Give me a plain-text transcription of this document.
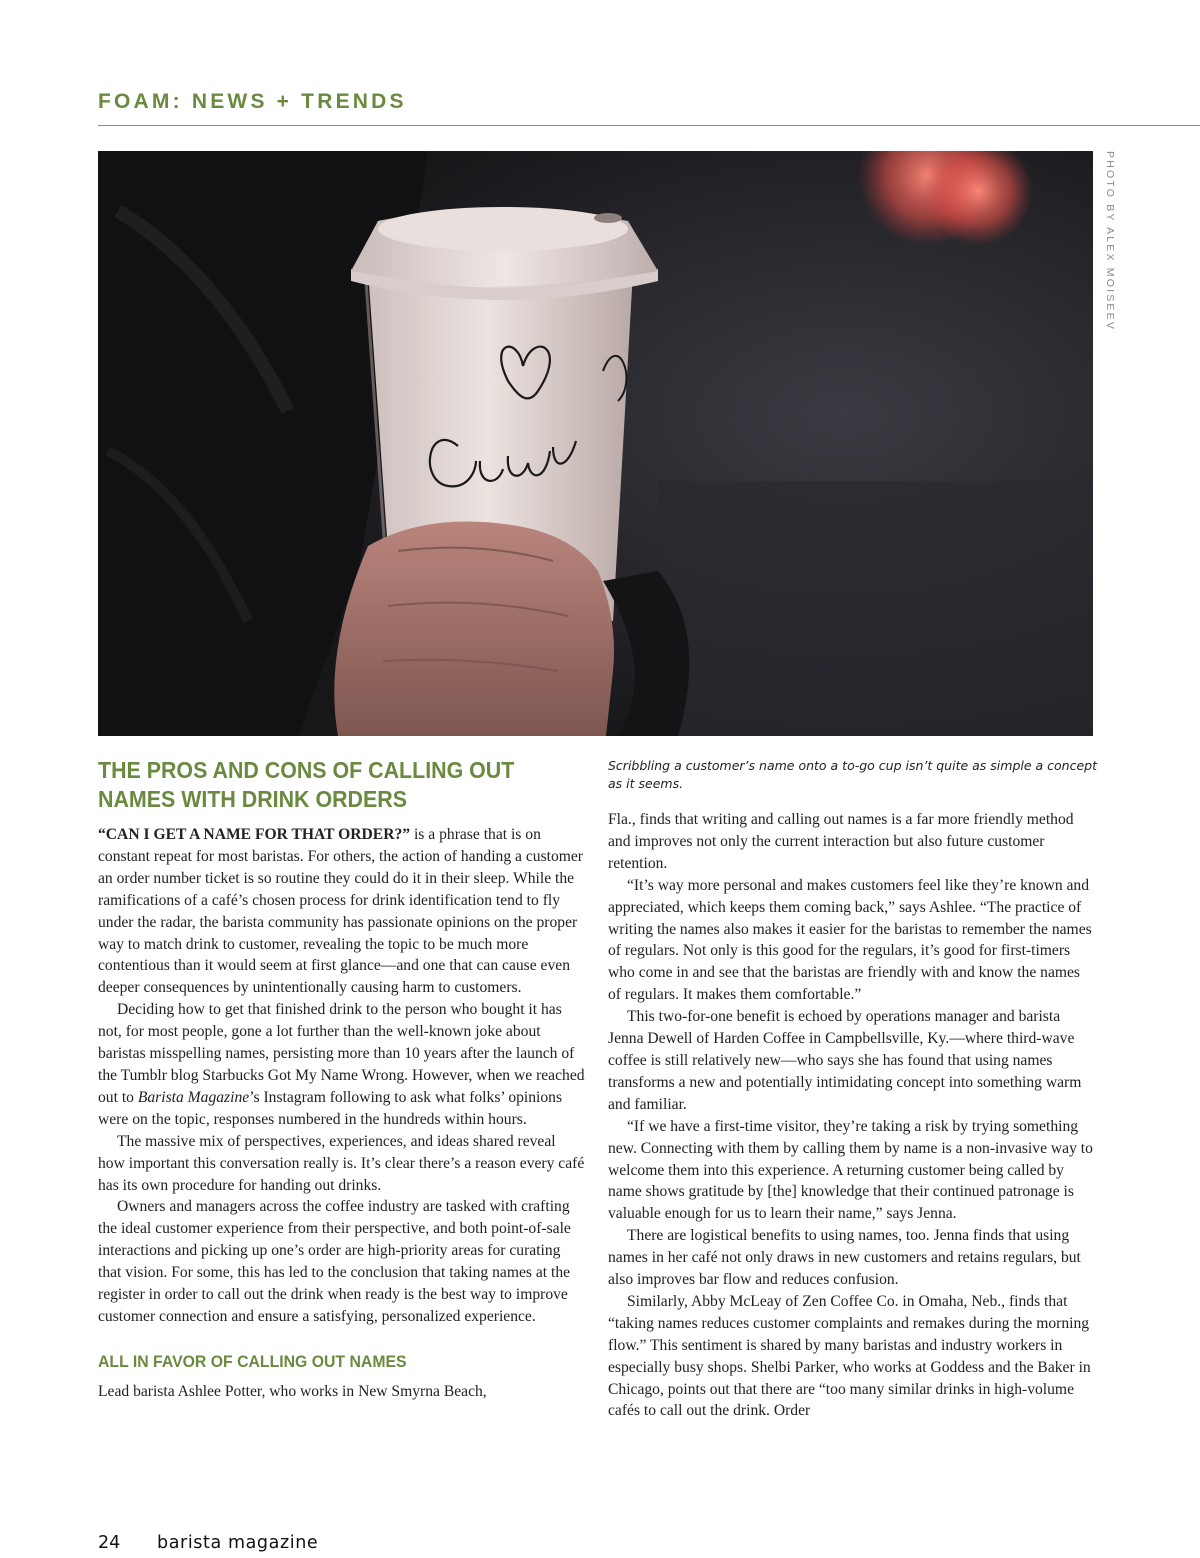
FOAM: NEWS + TRENDS
PHOTO BY ALEX MOISEEV
THE PROS AND CONS OF CALLING OUT NAMES WITH DRINK ORDERS
Scribbling a customer’s name onto a to-go cup isn’t quite as simple a concept as it seems.

“CAN I GET A NAME FOR THAT ORDER?” is a phrase that is on constant repeat for most baristas. For others, the action of handing a customer an order number ticket is so routine they could do it in their sleep. While the ramifications of a café’s chosen process for drink identification tend to fly under the radar, the barista community has passionate opinions on the proper way to match drink to customer, revealing the topic to be much more contentious than it would seem at first glance—and one that can cause even deeper consequences by unintentionally causing harm to customers.

Deciding how to get that finished drink to the person who bought it has not, for most people, gone a lot further than the well-known joke about baristas misspelling names, persisting more than 10 years after the launch of the Tumblr blog Starbucks Got My Name Wrong. However, when we reached out to Barista Magazine’s Instagram following to ask what folks’ opinions were on the topic, responses numbered in the hundreds within hours.

The massive mix of perspectives, experiences, and ideas shared reveal how important this conversation really is. It’s clear there’s a reason every café has its own procedure for handing out drinks.

Owners and managers across the coffee industry are tasked with crafting the ideal customer experience from their perspective, and both point-of-sale interactions and picking up one’s order are high-priority areas for curating that vision. For some, this has led to the conclusion that taking names at the register in order to call out the drink when ready is the best way to improve customer connection and ensure a satisfying, personalized experience.

ALL IN FAVOR OF CALLING OUT NAMES

Lead barista Ashlee Potter, who works in New Smyrna Beach,

Fla., finds that writing and calling out names is a far more friendly method and improves not only the current interaction but also future customer retention.

“It’s way more personal and makes customers feel like they’re known and appreciated, which keeps them coming back,” says Ashlee. “The practice of writing the names also makes it easier for the baristas to remember the names of regulars. Not only is this good for the regulars, it’s good for first-timers who come in and see that the baristas are friendly with and know the names of regulars. It makes them comfortable.”

This two-for-one benefit is echoed by operations manager and barista Jenna Dewell of Harden Coffee in Campbellsville, Ky.—where third-wave coffee is still relatively new—who says she has found that using names transforms a new and potentially intimidating concept into something warm and familiar.

“If we have a first-time visitor, they’re taking a risk by trying something new. Connecting with them by calling them by name is a non-invasive way to welcome them into this experience. A returning customer being called by name shows gratitude by [the] knowledge that their continued patronage is valuable enough for us to learn their name,” says Jenna.

There are logistical benefits to using names, too. Jenna finds that using names in her café not only draws in new customers and retains regulars, but also improves bar flow and reduces confusion.

Similarly, Abby McLeay of Zen Coffee Co. in Omaha, Neb., finds that “taking names reduces customer complaints and remakes during the morning flow.” This sentiment is shared by many baristas and industry workers in especially busy shops. Shelbi Parker, who works at Goddess and the Baker in Chicago, points out that there are “too many similar drinks in high-volume cafés to call out the drink. Order

24 barista magazine
